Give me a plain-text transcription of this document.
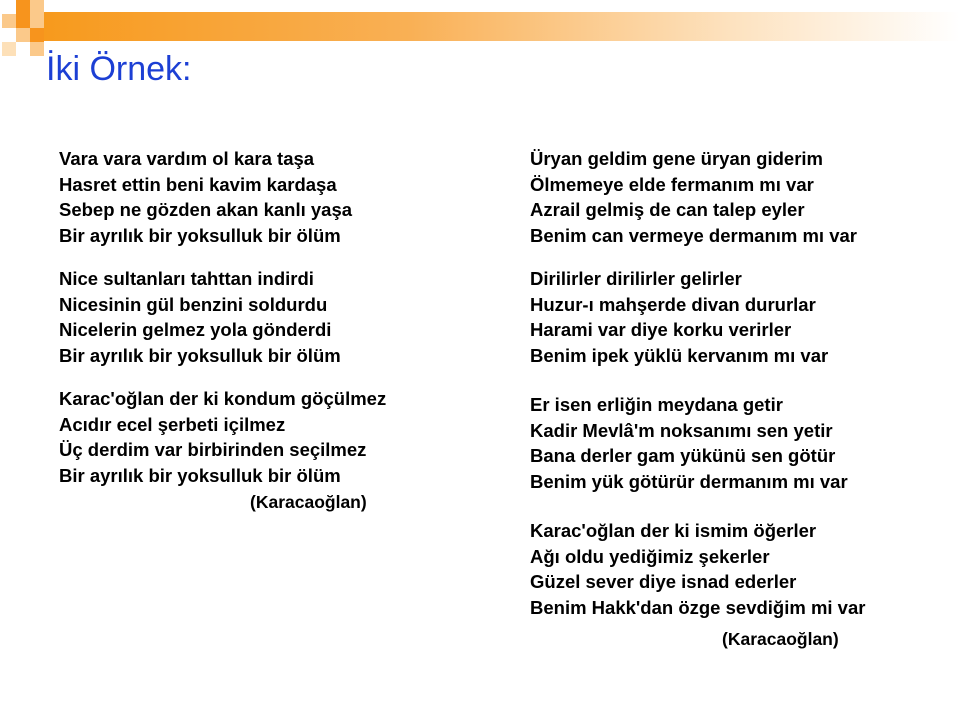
İki Örnek:
Vara vara vardım ol kara taşa
Hasret ettin beni kavim kardaşa
Sebep ne gözden akan kanlı yaşa
Bir ayrılık bir yoksulluk bir ölüm
Nice sultanları tahttan indirdi
Nicesinin gül benzini soldurdu
Nicelerin gelmez yola gönderdi
Bir ayrılık bir yoksulluk bir ölüm
Karac'oğlan der ki kondum göçülmez
Acıdır ecel şerbeti içilmez
Üç derdim var birbirinden seçilmez
Bir ayrılık bir yoksulluk bir ölüm
(Karacaoğlan)
Üryan geldim gene üryan giderim
Ölmemeye elde fermanım mı var
Azrail gelmiş de can talep eyler
Benim can vermeye dermanım mı var
Dirilirler dirilirler gelirler
Huzur-ı mahşerde divan dururlar
Harami var diye korku verirler
Benim ipek yüklü kervanım mı var
Er isen erliğin meydana getir
Kadir Mevlâ'm noksanımı sen yetir
Bana derler gam yükünü sen götür
Benim yük götürür dermanım mı var
Karac'oğlan der ki ismim öğerler
Ağı oldu yediğimiz şekerler
Güzel sever diye isnad ederler
Benim Hakk'dan özge sevdiğim mi var
(Karacaoğlan)
